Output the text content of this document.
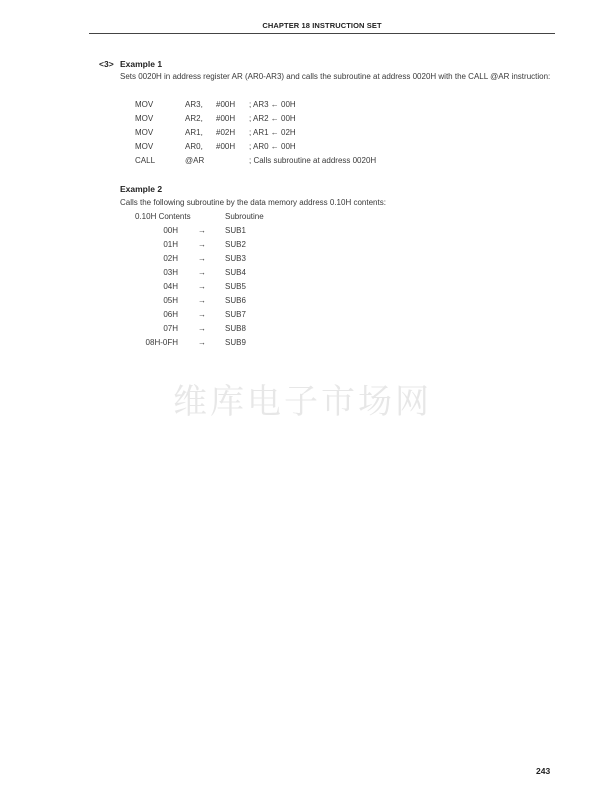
CHAPTER 18 INSTRUCTION SET
<3> Example 1
Sets 0020H in address register AR (AR0-AR3) and calls the subroutine at address 0020H with the CALL @AR instruction:
MOV	AR3, #00H ; AR3 ← 00H
MOV	AR2, #00H ; AR2 ← 00H
MOV	AR1, #02H ; AR1 ← 02H
MOV	AR0, #00H ; AR0 ← 00H
CALL	@AR	; Calls subroutine at address 0020H
Example 2
Calls the following subroutine by the data memory address 0.10H contents:
0.10H Contents	Subroutine
00H	→ SUB1
01H	→ SUB2
02H	→ SUB3
03H	→ SUB4
04H	→ SUB5
05H	→ SUB6
06H	→ SUB7
07H	→ SUB8
08H-0FH	→ SUB9
维库电子市场网
243
